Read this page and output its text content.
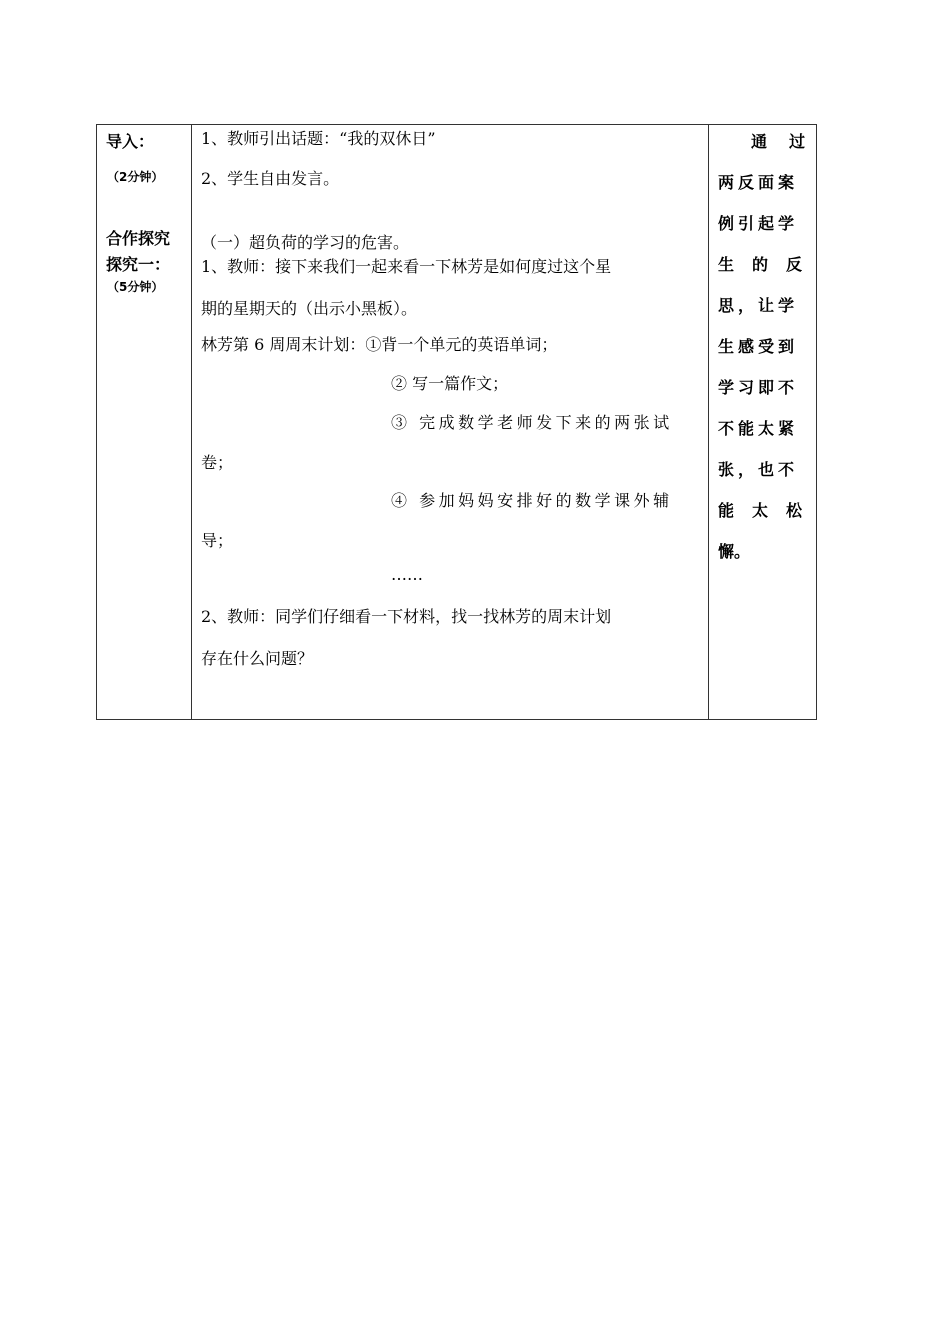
导入：
（2分钟）
合作探究
探究一：
（5分钟）
1、教师引出话题：“我的双休日”
2、学生自由发言。
（一）超负荷的学习的危害。
1、教师：接下来我们一起来看一下林芳是如何度过这个星
期的星期天的（出示小黑板）。
林芳第 6 周周末计划：①背一个单元的英语单词；
② 写一篇作文；
③ 完成数学老师发下来的两张试
卷；
④ 参加妈妈安排好的数学课外辅
导；
……
2、教师：同学们仔细看一下材料，找一找林芳的周末计划
存在什么问题？
通　过
两反面案
例引起学
生　的　反
思，让学
生感受到
学习即不
不能太紧
张，也不
能　太　松
懈。
